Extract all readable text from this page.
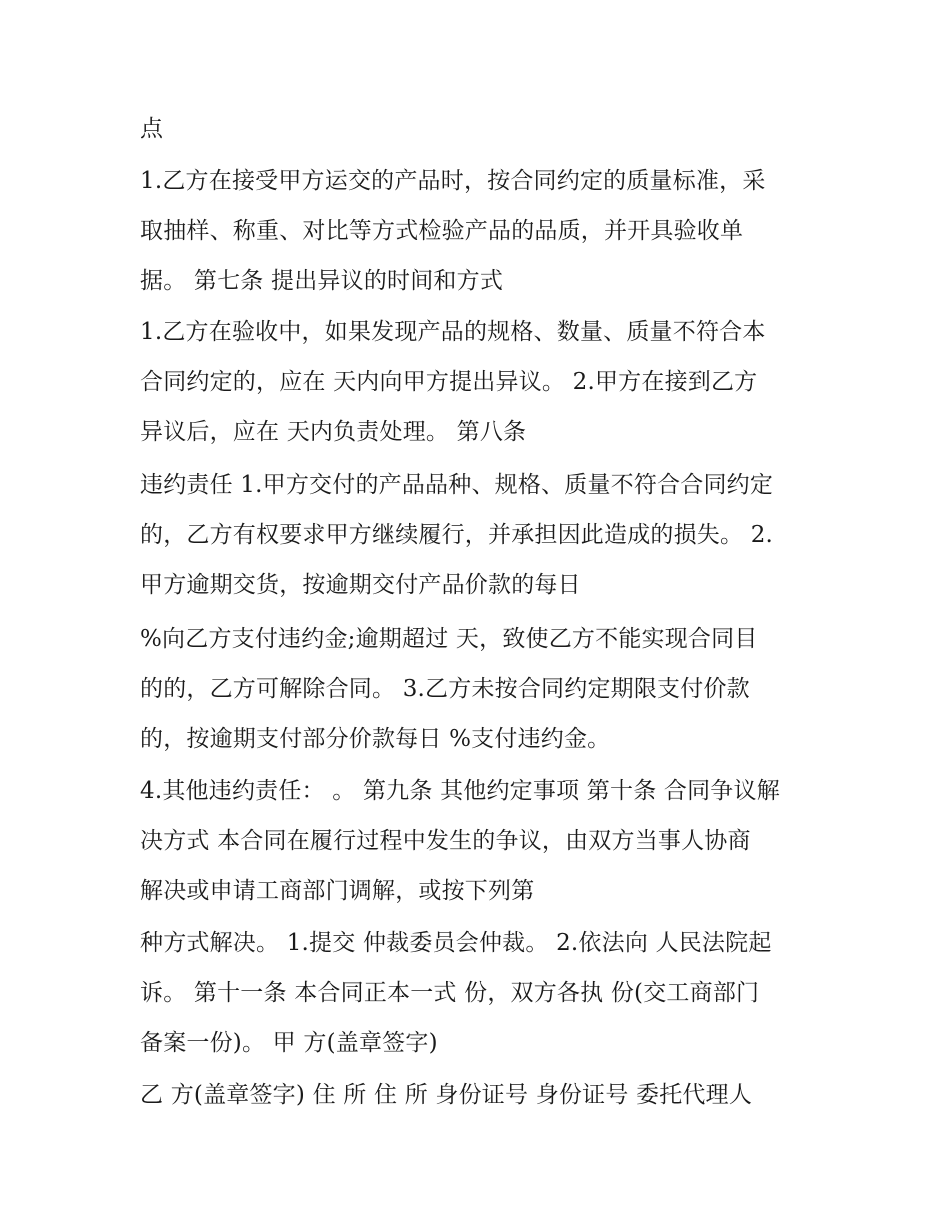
点
1.乙方在接受甲方运交的产品时，按合同约定的质量标准，采
取抽样、称重、对比等方式检验产品的品质，并开具验收单
据。 第七条 提出异议的时间和方式
1.乙方在验收中，如果发现产品的规格、数量、质量不符合本
合同约定的，应在 天内向甲方提出异议。 2.甲方在接到乙方
异议后，应在 天内负责处理。 第八条
违约责任 1.甲方交付的产品品种、规格、质量不符合合同约定
的，乙方有权要求甲方继续履行，并承担因此造成的损失。 2.
甲方逾期交货，按逾期交付产品价款的每日
%向乙方支付违约金;逾期超过 天，致使乙方不能实现合同目
的的，乙方可解除合同。 3.乙方未按合同约定期限支付价款
的，按逾期支付部分价款每日 %支付违约金。
4.其他违约责任： 。 第九条 其他约定事项 第十条 合同争议解
决方式 本合同在履行过程中发生的争议，由双方当事人协商
解决或申请工商部门调解，或按下列第
种方式解决。 1.提交 仲裁委员会仲裁。 2.依法向 人民法院起
诉。 第十一条 本合同正本一式 份，双方各执 份(交工商部门
备案一份)。 甲 方(盖章签字)
乙 方(盖章签字) 住 所 住 所 身份证号 身份证号 委托代理人
